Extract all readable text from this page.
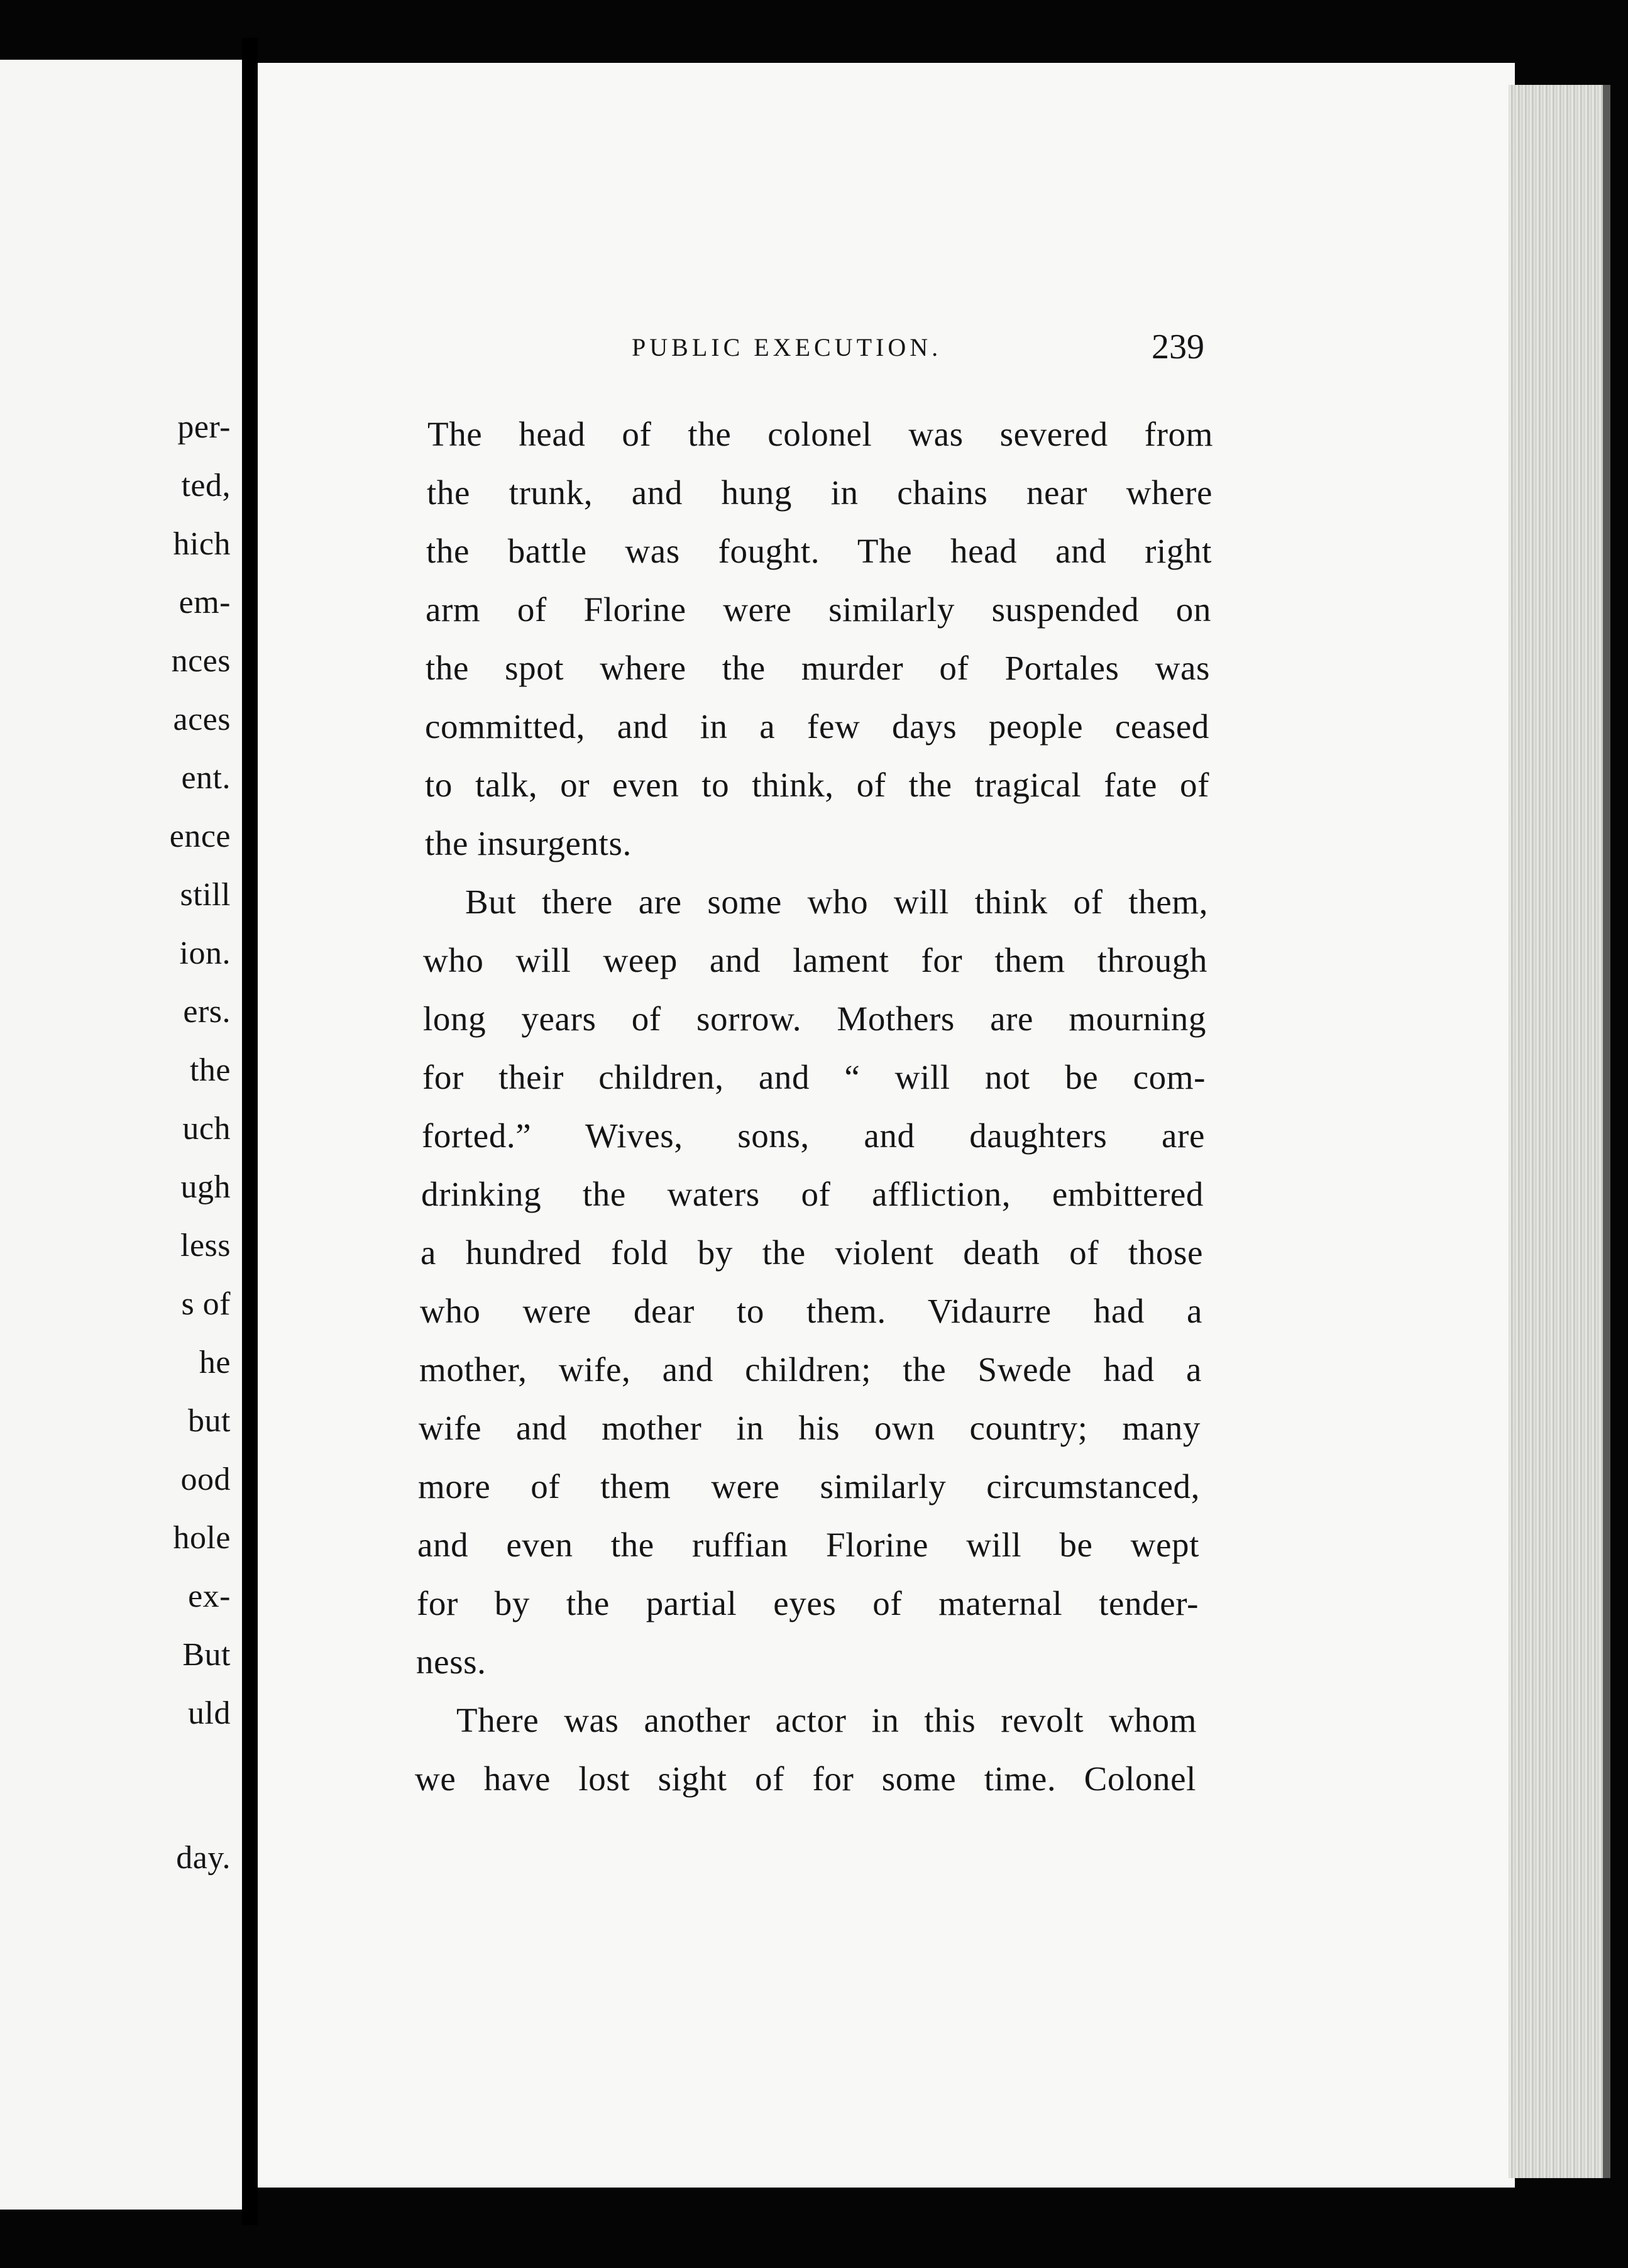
per-
ted,
hich
em-
nces
aces
ent.
ence
still
ion.
ers.
the
uch
ugh
less
s of
he
but
ood
hole
ex-
But
uld
day.
PUBLIC EXECUTION.	239
The head of the colonel was severed from
the trunk, and hung in chains near where
the battle was fought. The head and right
arm of Florine were similarly suspended on
the spot where the murder of Portales was
committed, and in a few days people ceased
to talk, or even to think, of the tragical fate of
the insurgents.
But there are some who will think of them,
who will weep and lament for them through
long years of sorrow. Mothers are mourning
for their children, and “ will not be com-
forted.” Wives, sons, and daughters are
drinking the waters of affliction, embittered
a hundred fold by the violent death of those
who were dear to them. Vidaurre had a
mother, wife, and children; the Swede had a
wife and mother in his own country; many
more of them were similarly circumstanced,
and even the ruffian Florine will be wept
for by the partial eyes of maternal tender-
ness.
There was another actor in this revolt whom
we have lost sight of for some time. Colonel
